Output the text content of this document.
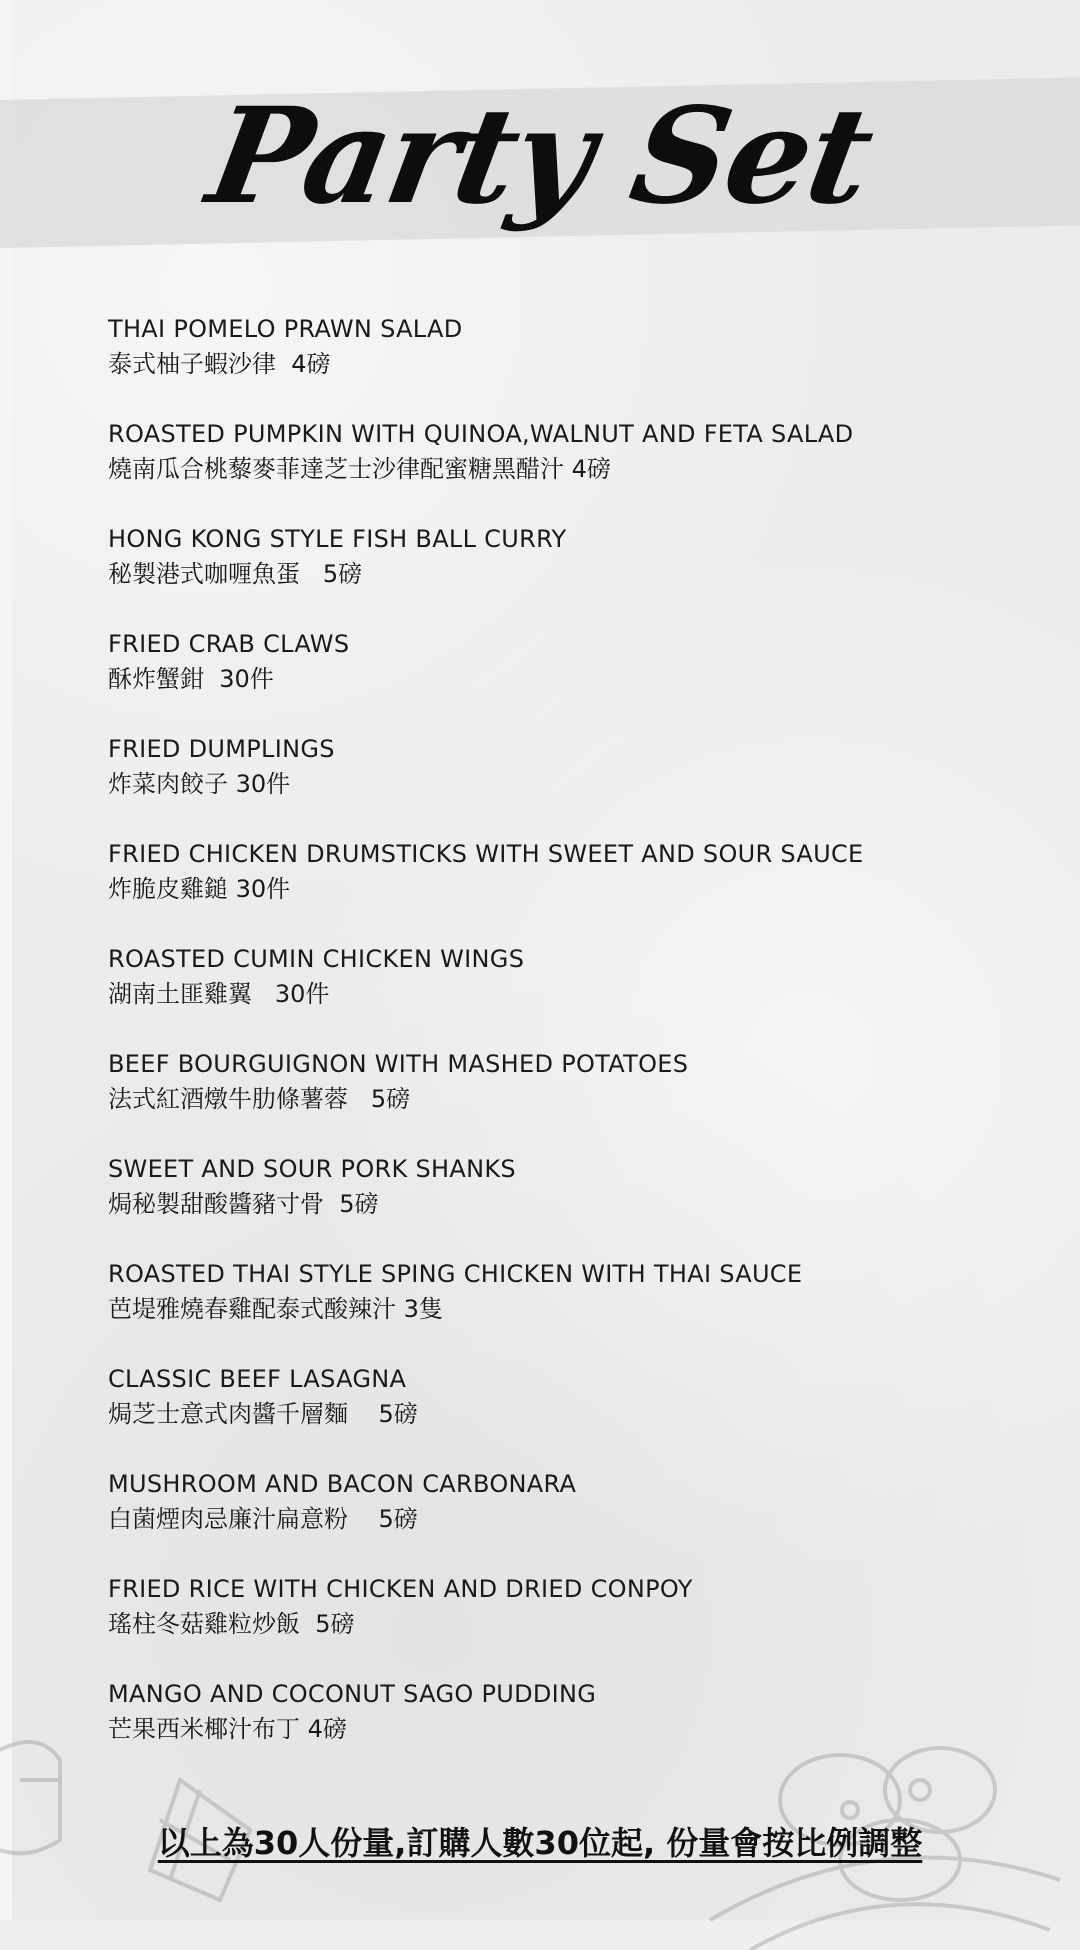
Party Set
THAI POMELO PRAWN SALAD
泰式柚子蝦沙律  4磅
ROASTED PUMPKIN WITH QUINOA,WALNUT AND FETA SALAD
燒南瓜合桃藜麥菲達芝士沙律配蜜糖黑醋汁 4磅
HONG KONG STYLE FISH BALL CURRY
秘製港式咖喱魚蛋   5磅
FRIED CRAB CLAWS
酥炸蟹鉗  30件
FRIED DUMPLINGS
炸菜肉餃子 30件
FRIED CHICKEN DRUMSTICKS WITH SWEET AND SOUR SAUCE
炸脆皮雞鎚 30件
ROASTED CUMIN CHICKEN WINGS
湖南土匪雞翼   30件
BEEF BOURGUIGNON WITH MASHED POTATOES
法式紅酒燉牛肋條薯蓉   5磅
SWEET AND SOUR PORK SHANKS
焗秘製甜酸醬豬寸骨  5磅
ROASTED THAI STYLE SPING CHICKEN WITH THAI SAUCE
芭堤雅燒春雞配泰式酸辣汁 3隻
CLASSIC BEEF LASAGNA
焗芝士意式肉醬千層麵    5磅
MUSHROOM AND BACON CARBONARA
白菌煙肉忌廉汁扁意粉    5磅
FRIED RICE WITH CHICKEN AND DRIED CONPOY
瑤柱冬菇雞粒炒飯  5磅
MANGO AND COCONUT SAGO PUDDING
芒果西米椰汁布丁 4磅
以上為30人份量,訂購人數30位起, 份量會按比例調整
